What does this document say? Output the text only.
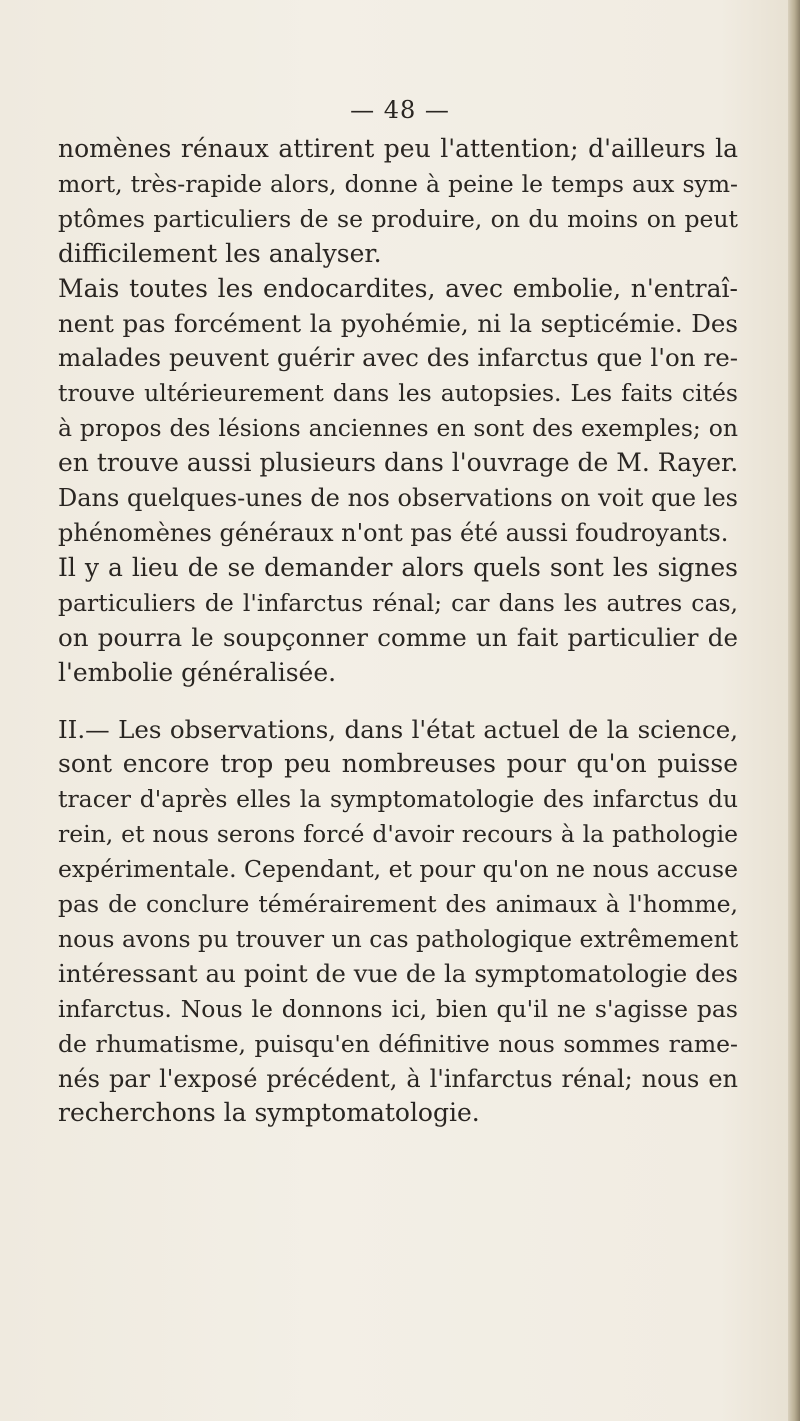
— 48 —
nomènes rénaux attirent peu l'attention; d'ailleurs la
mort, très-rapide alors, donne à peine le temps aux sym-
ptômes particuliers de se produire, on du moins on peut
difficilement les analyser.
Mais toutes les endocardites, avec embolie, n'entraî-
nent pas forcément la pyohémie, ni la septicémie. Des
malades peuvent guérir avec des infarctus que l'on re-
trouve ultérieurement dans les autopsies. Les faits cités
à propos des lésions anciennes en sont des exemples; on
en trouve aussi plusieurs dans l'ouvrage de M. Rayer.
Dans quelques-unes de nos observations on voit que les
phénomènes généraux n'ont pas été aussi foudroyants.
Il y a lieu de se demander alors quels sont les signes
particuliers de l'infarctus rénal; car dans les autres cas,
on pourra le soupçonner comme un fait particulier de
l'embolie généralisée.
II.— Les observations, dans l'état actuel de la science,
sont encore trop peu nombreuses pour qu'on puisse
tracer d'après elles la symptomatologie des infarctus du
rein, et nous serons forcé d'avoir recours à la pathologie
expérimentale. Cependant, et pour qu'on ne nous accuse
pas de conclure témérairement des animaux à l'homme,
nous avons pu trouver un cas pathologique extrêmement
intéressant au point de vue de la symptomatologie des
infarctus. Nous le donnons ici, bien qu'il ne s'agisse pas
de rhumatisme, puisqu'en définitive nous sommes rame-
nés par l'exposé précédent, à l'infarctus rénal; nous en
recherchons la symptomatologie.
